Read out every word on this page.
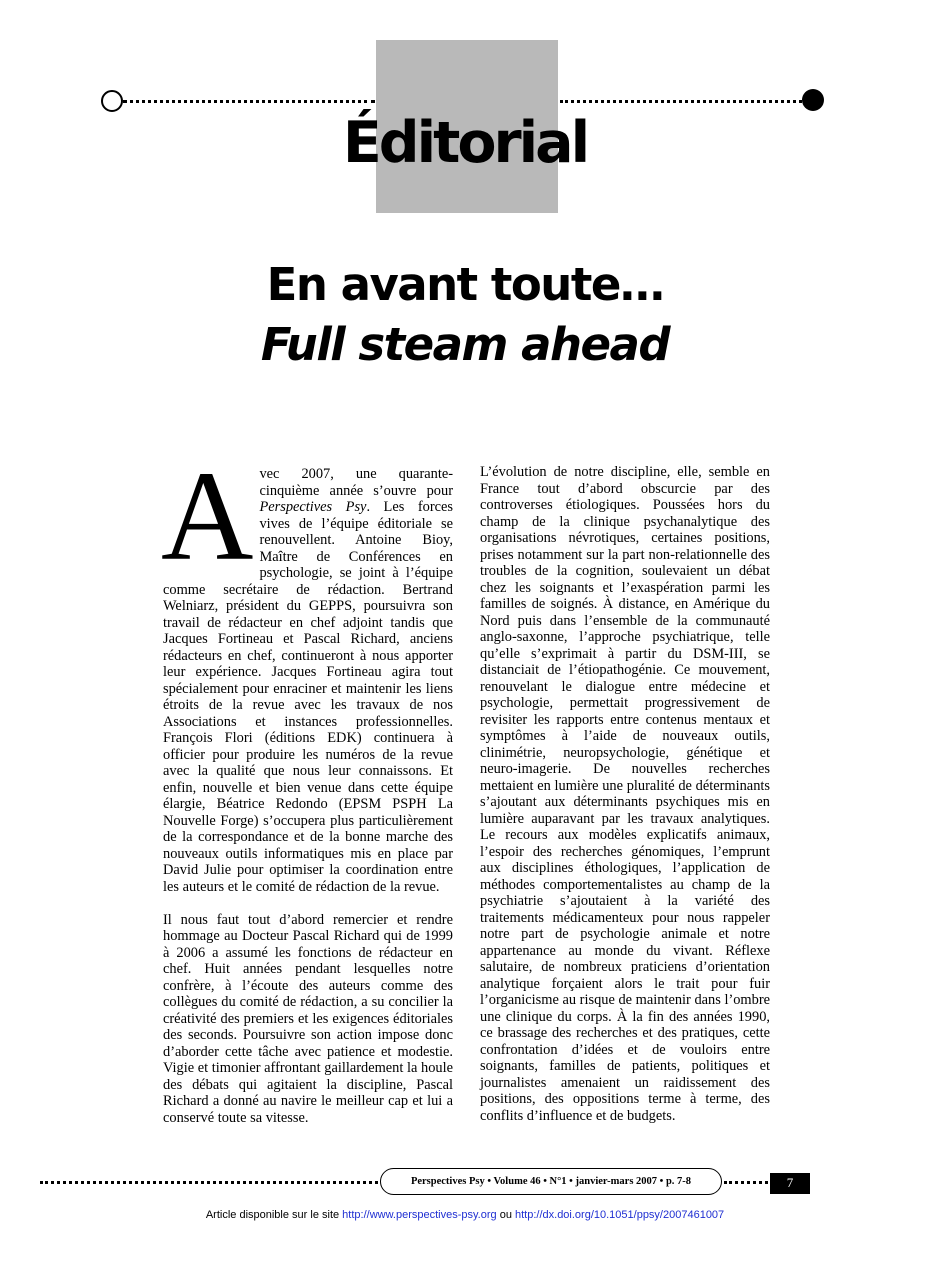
Éditorial
En avant toute…
Full steam ahead

Avec 2007, une quarante-cinquième année s’ouvre pour Perspectives Psy. Les forces vives de l’équipe éditoriale se renouvellent. Antoine Bioy, Maître de Conférences en psychologie, se joint à l’équipe comme secrétaire de rédaction. Bertrand Welniarz, président du GEPPS, poursuivra son travail de rédacteur en chef adjoint tandis que Jacques Fortineau et Pascal Richard, anciens rédacteurs en chef, continueront à nous apporter leur expérience. Jacques Fortineau agira tout spécialement pour enraciner et maintenir les liens étroits de la revue avec les travaux de nos Associations et instances professionnelles. François Flori (éditions EDK) continuera à officier pour produire les numéros de la revue avec la qualité que nous leur connaissons. Et enfin, nouvelle et bien venue dans cette équipe élargie, Béatrice Redondo (EPSM PSPH La Nouvelle Forge) s’occupera plus particulièrement de la correspondance et de la bonne marche des nouveaux outils informatiques mis en place par David Julie pour optimiser la coordination entre les auteurs et le comité de rédaction de la revue.

Il nous faut tout d’abord remercier et rendre hommage au Docteur Pascal Richard qui de 1999 à 2006 a assumé les fonctions de rédacteur en chef. Huit années pendant lesquelles notre confrère, à l’écoute des auteurs comme des collègues du comité de rédaction, a su concilier la créativité des premiers et les exigences éditoriales des seconds. Poursuivre son action impose donc d’aborder cette tâche avec patience et modestie. Vigie et timonier affrontant gaillardement la houle des débats qui agitaient la discipline, Pascal Richard a donné au navire le meilleur cap et lui a conservé toute sa vitesse.

L’évolution de notre discipline, elle, semble en France tout d’abord obscurcie par des controverses étiologiques. Poussées hors du champ de la clinique psychanalytique des organisations névrotiques, certaines positions, prises notamment sur la part non-relationnelle des troubles de la cognition, soulevaient un débat chez les soignants et l’exaspération parmi les familles de soignés. À distance, en Amérique du Nord puis dans l’ensemble de la communauté anglo-saxonne, l’approche psychiatrique, telle qu’elle s’exprimait à partir du DSM-III, se distanciait de l’étiopathogénie. Ce mouvement, renouvelant le dialogue entre médecine et psychologie, permettait progressivement de revisiter les rapports entre contenus mentaux et symptômes à l’aide de nouveaux outils, clinimétrie, neuropsychologie, génétique et neuro-imagerie. De nouvelles recherches mettaient en lumière une pluralité de déterminants s’ajoutant aux déterminants psychiques mis en lumière auparavant par les travaux analytiques. Le recours aux modèles explicatifs animaux, l’espoir des recherches génomiques, l’emprunt aux disciplines éthologiques, l’application de méthodes comportementalistes au champ de la psychiatrie s’ajoutaient à la variété des traitements médicamenteux pour nous rappeler notre part de psychologie animale et notre appartenance au monde du vivant. Réflexe salutaire, de nombreux praticiens d’orientation analytique forçaient alors le trait pour fuir l’organicisme au risque de maintenir dans l’ombre une clinique du corps. À la fin des années 1990, ce brassage des recherches et des pratiques, cette confrontation d’idées et de vouloirs entre soignants, familles de patients, politiques et journalistes amenaient un raidissement des positions, des oppositions terme à terme, des conflits d’influence et de budgets.

Perspectives Psy • Volume 46 • N°1 • janvier-mars 2007 • p. 7-8	7
Article disponible sur le site http://www.perspectives-psy.org ou http://dx.doi.org/10.1051/ppsy/2007461007
